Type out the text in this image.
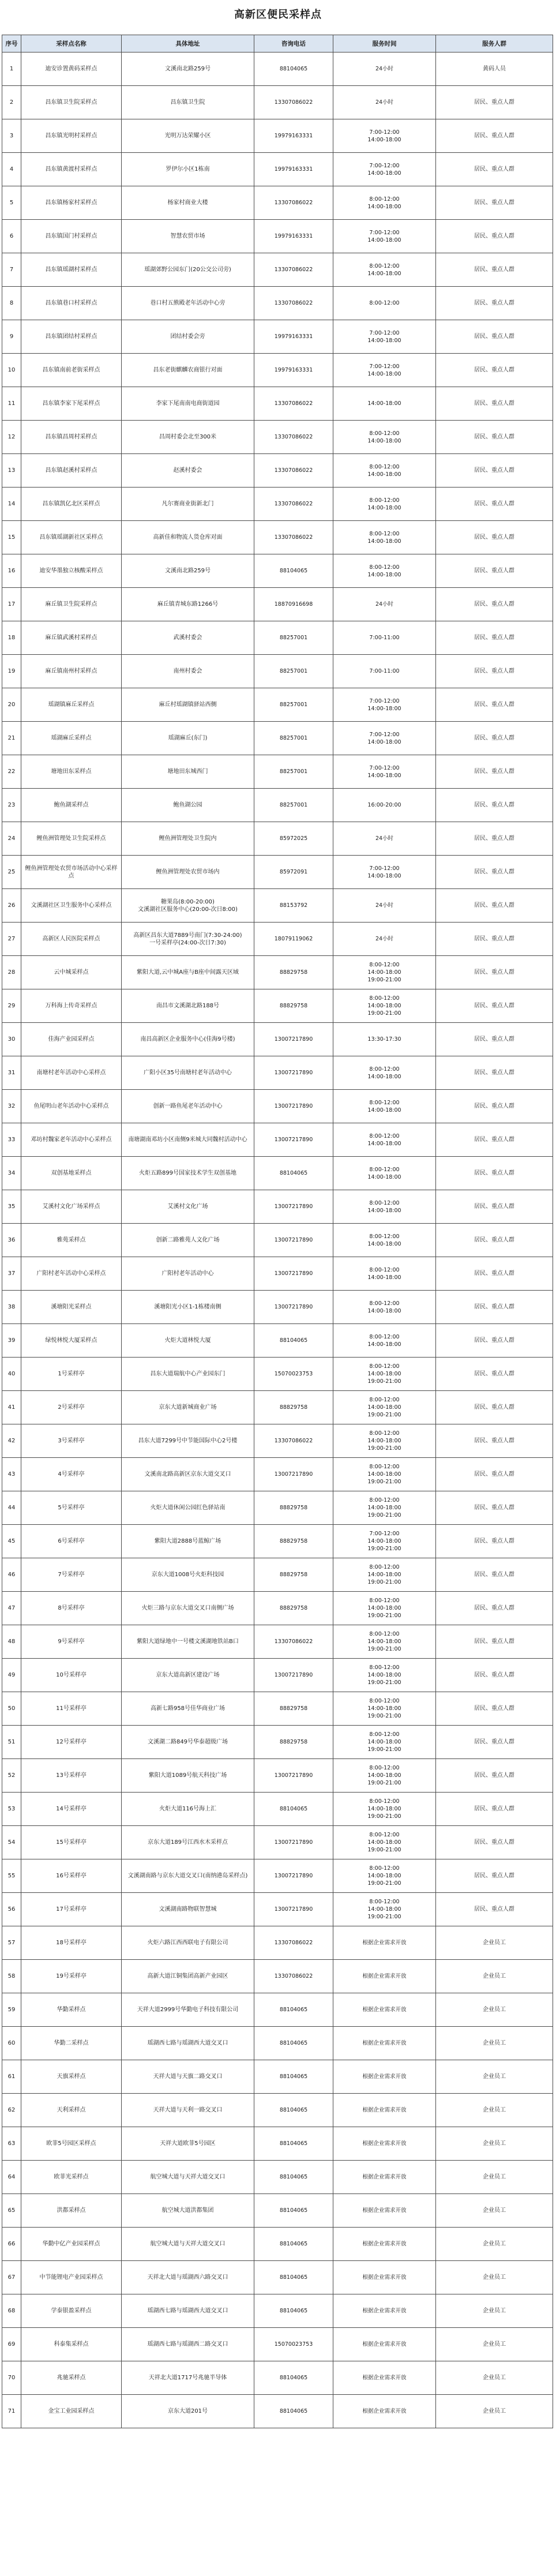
高新区便民采样点
序号	采样点名称	具体地址	咨询电话	服务时间	服务人群
1	迪安诊置黄码采样点	文溪南北路259号	88104065	24小时	黄码人员
2	昌东镇卫生院采样点	昌东镇卫生院	13307086022	24小时	居民、重点人群
3	昌东镇光明村采样点	光明万达荣耀小区	19979163331	7:00-12:00
14:00-18:00	居民、重点人群
4	昌东镇黄渡村采样点	罗伊尔小区1栋南	19979163331	7:00-12:00
14:00-18:00	居民、重点人群
5	昌东镇杨家村采样点	杨家村商业大楼	13307086022	8:00-12:00
14:00-18:00	居民、重点人群
6	昌东镇国门村采样点	智慧农贸市场	19979163331	7:00-12:00
14:00-18:00	居民、重点人群
7	昌东镇瑶湖村采样点	瑶湖郊野公园东门(20公交公司旁)	13307086022	8:00-12:00
14:00-18:00	居民、重点人群
8	昌东镇巷口村采样点	巷口村五熊殿老年活动中心旁	13307086022	8:00-12:00	居民、重点人群
9	昌东镇团结村采样点	团结村委会旁	19979163331	7:00-12:00
14:00-18:00	居民、重点人群
10	昌东镇南前老街采样点	昌东老街麒麟农商银行对面	19979163331	7:00-12:00
14:00-18:00	居民、重点人群
11	昌东镇李家下尾采样点	李家下尾南南电商街道园	13307086022	14:00-18:00	居民、重点人群
12	昌东镇昌周村采样点	昌周村委会北至300米	13307086022	8:00-12:00
14:00-18:00	居民、重点人群
13	昌东镇赵溪村采样点	赵溪村委会	13307086022	8:00-12:00
14:00-18:00	居民、重点人群
14	昌东镇凯亿北区采样点	凡尔赛商业街新北门	13307086022	8:00-12:00
14:00-18:00	居民、重点人群
15	昌东镇瑶湖新社区采样点	高新佳和物流人货仓库对面	13307086022	8:00-12:00
14:00-18:00	居民、重点人群
16	迪安华墨独立核酸采样点	文溪南北路259号	88104065	8:00-12:00
14:00-18:00	居民、重点人群
17	麻丘镇卫生院采样点	麻丘镇青城东路1266号	18870916698	24小时	居民、重点人群
18	麻丘镇武溪村采样点	武溪村委会	88257001	7:00-11:00	居民、重点人群
19	麻丘镇南州村采样点	南州村委会	88257001	7:00-11:00	居民、重点人群
20	瑶湖镇麻丘采样点	麻丘村瑶湖镇驿站西侧	88257001	7:00-12:00
14:00-18:00	居民、重点人群
21	瑶湖麻丘采样点	瑶湖麻丘(东门)	88257001	7:00-12:00
14:00-18:00	居民、重点人群
22	塘地田东采样点	塘地田东城西门	88257001	7:00-12:00
14:00-18:00	居民、重点人群
23	鲍鱼湖采样点	鲍鱼湖公园	88257001	16:00-20:00	居民、重点人群
24	鲤鱼洲管理处卫生院采样点	鲤鱼洲管理处卫生院内	85972025	24小时	居民、重点人群
25	鲤鱼洲管理处农贸市场活动中心采样点	鲤鱼洲管理处农贸市场内	85972091	7:00-12:00
14:00-18:00	居民、重点人群
26	文溪湖社区卫生服务中心采样点	糖果岛(8:00-20:00)
文溪湖社区服务中心(20:00-次日8:00)	88153792	24小时	居民、重点人群
27	高新区人民医院采样点	高新区昌东大道7889号南门(7:30-24:00)
一号采样亭(24:00-次日7:30)	18079119062	24小时	居民、重点人群
28	云中城采样点	紫阳大道,云中城A座与B座中间露天区域	88829758	8:00-12:00
14:00-18:00
19:00-21:00	居民、重点人群
29	万科海上传奇采样点	南昌市文溪湖北路188号	88829758	8:00-12:00
14:00-18:00
19:00-21:00	居民、重点人群
30	佳海产业园采样点	南昌高新区企业服务中心(佳海9号楼)	13007217890	13:30-17:30	居民、重点人群
31	南塘村老年活动中心采样点	广阳小区35号南塘村老年活动中心	13007217890	8:00-12:00
14:00-18:00	居民、重点人群
32	鱼尾明山老年活动中心采样点	创新一路鱼尾老年活动中心	13007217890	8:00-12:00
14:00-18:00	居民、重点人群
33	邓坊村魏家老年活动中心采样点	南塘湖南邓坊小区南侧9米城大同魏村活动中心	13007217890	8:00-12:00
14:00-18:00	居民、重点人群
34	双创基地采样点	火炬五路899号国家技术学生双创基地	88104065	8:00-12:00
14:00-18:00	居民、重点人群
35	艾溪村文化广场采样点	艾溪村文化广场	13007217890	8:00-12:00
14:00-18:00	居民、重点人群
36	雅苑采样点	创新二路雅苑人文化广场	13007217890	8:00-12:00
14:00-18:00	居民、重点人群
37	广阳村老年活动中心采样点	广阳村老年活动中心	13007217890	8:00-12:00
14:00-18:00	居民、重点人群
38	溪塘阳光采样点	溪塘阳光小区1-1栋楼南侧	13007217890	8:00-12:00
14:00-18:00	居民、重点人群
39	绿悦林悦大厦采样点	火炬大道林悦大厦	88104065	8:00-12:00
14:00-18:00	居民、重点人群
40	1号采样亭	昌东大道瑞航中心产业园东门	15070023753	8:00-12:00
14:00-18:00
19:00-21:00	居民、重点人群
41	2号采样亭	京东大道新城商业广场	88829758	8:00-12:00
14:00-18:00
19:00-21:00	居民、重点人群
42	3号采样亭	昌东大道7299号中节能国际中心2号楼	13307086022	8:00-12:00
14:00-18:00
19:00-21:00	居民、重点人群
43	4号采样亭	文溪南北路高新区京东大道交叉口	13007217890	8:00-12:00
14:00-18:00
19:00-21:00	居民、重点人群
44	5号采样亭	火炬大道休闲公园红色驿站南	88829758	8:00-12:00
14:00-18:00
19:00-21:00	居民、重点人群
45	6号采样亭	紫阳大道2888号蓝鲸广场	88829758	7:00-12:00
14:00-18:00
19:00-21:00	居民、重点人群
46	7号采样亭	京东大道1008号火炬科技园	88829758	8:00-12:00
14:00-18:00
19:00-21:00	居民、重点人群
47	8号采样亭	火炬三路与京东大道交叉口南侧广场	88829758	8:00-12:00
14:00-18:00
19:00-21:00	居民、重点人群
48	9号采样亭	紫阳大道绿地中一号楼文溪湖地铁站B口	13307086022	8:00-12:00
14:00-18:00
19:00-21:00	居民、重点人群
49	10号采样亭	京东大道高新区建设广场	13007217890	8:00-12:00
14:00-18:00
19:00-21:00	居民、重点人群
50	11号采样亭	高新七路958号佳华商业广场	88829758	8:00-12:00
14:00-18:00
19:00-21:00	居民、重点人群
51	12号采样亭	文溪湖二路849号华泰超级广场	88829758	8:00-12:00
14:00-18:00
19:00-21:00	居民、重点人群
52	13号采样亭	紫阳大道1089号航天科技广场	13007217890	8:00-12:00
14:00-18:00
19:00-21:00	居民、重点人群
53	14号采样亭	火炬大道116号海上汇	88104065	8:00-12:00
14:00-18:00
19:00-21:00	居民、重点人群
54	15号采样亭	京东大道189号江西水木采样点	13007217890	8:00-12:00
14:00-18:00
19:00-21:00	居民、重点人群
55	16号采样亭	文溪湖南路与京东大道交叉口(南纳港岛采样点)	13007217890	8:00-12:00
14:00-18:00
19:00-21:00	居民、重点人群
56	17号采样亭	文溪湖南路物联智慧城	13007217890	8:00-12:00
14:00-18:00
19:00-21:00	居民、重点人群
57	18号采样亭	火炬六路江西西联电子有限公司	13307086022	根据企业需求开放	企业员工
58	19号采样亭	高新大道江铜集团高新产业园区	13307086022	根据企业需求开放	企业员工
59	华勤采样点	天祥大道2999号华勤电子科技有限公司	88104065	根据企业需求开放	企业员工
60	华勤二采样点	瑶湖西七路与瑶湖西大道交叉口	88104065	根据企业需求开放	企业员工
61	天旗采样点	天祥大道与天旗二路交叉口	88104065	根据企业需求开放	企业员工
62	天利采样点	天祥大道与天利一路交叉口	88104065	根据企业需求开放	企业员工
63	欧菲5号园区采样点	天祥大道欧菲5号园区	88104065	根据企业需求开放	企业员工
64	欧菲光采样点	航空城大道与天祥大道交叉口	88104065	根据企业需求开放	企业员工
65	洪都采样点	航空城大道洪都集团	88104065	根据企业需求开放	企业员工
66	华勤中亿产业园采样点	航空城大道与天祥大道交叉口	88104065	根据企业需求开放	企业员工
67	中节能锂电产业园采样点	天祥北大道与瑶湖西六路交叉口	88104065	根据企业需求开放	企业员工
68	学泰银盈采样点	瑶湖西七路与瑶湖西大道交叉口	88104065	根据企业需求开放	企业员工
69	科泰集采样点	瑶湖西七路与瑶湖西二路交叉口	15070023753	根据企业需求开放	企业员工
70	兆驰采样点	天祥北大道1717号兆驰半导体	88104065	根据企业需求开放	企业员工
71	金宝工业园采样点	京东大道201号	88104065	根据企业需求开放	企业员工
